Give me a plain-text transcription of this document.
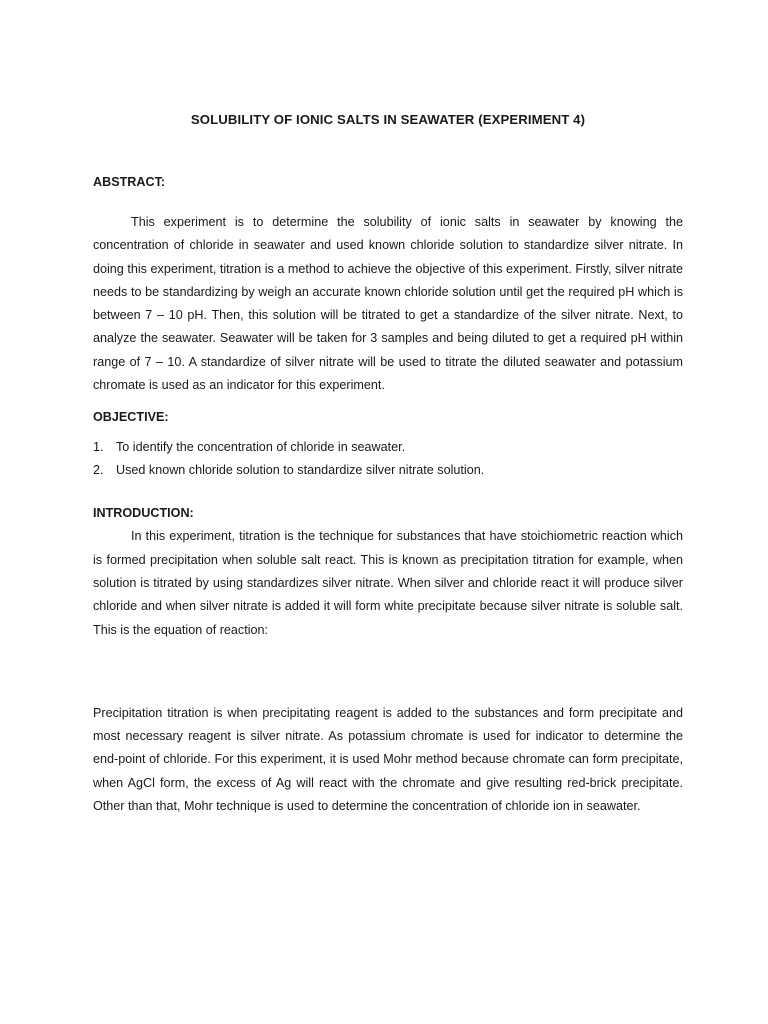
SOLUBILITY OF IONIC SALTS IN SEAWATER (EXPERIMENT 4)
ABSTRACT:

This experiment is to determine the solubility of ionic salts in seawater by knowing the concentration of chloride in seawater and used known chloride solution to standardize silver nitrate. In doing this experiment, titration is a method to achieve the objective of this experiment. Firstly, silver nitrate needs to be standardizing by weigh an accurate known chloride solution until get the required pH which is between 7 – 10 pH. Then, this solution will be titrated to get a standardize of the silver nitrate. Next, to analyze the seawater. Seawater will be taken for 3 samples and being diluted to get a required pH within range of 7 – 10. A standardize of silver nitrate will be used to titrate the diluted seawater and potassium chromate is used as an indicator for this experiment.

OBJECTIVE:
1. To identify the concentration of chloride in seawater.
2. Used known chloride solution to standardize silver nitrate solution.
INTRODUCTION:

In this experiment, titration is the technique for substances that have stoichiometric reaction which is formed precipitation when soluble salt react. This is known as precipitation titration for example, when solution is titrated by using standardizes silver nitrate. When silver and chloride react it will produce silver chloride and when silver nitrate is added it will form white precipitate because silver nitrate is soluble salt. This is the equation of reaction:

Precipitation titration is when precipitating reagent is added to the substances and form precipitate and most necessary reagent is silver nitrate. As potassium chromate is used for indicator to determine the end-point of chloride. For this experiment, it is used Mohr method because chromate can form precipitate, when AgCl form, the excess of Ag will react with the chromate and give resulting red-brick precipitate. Other than that, Mohr technique is used to determine the concentration of chloride ion in seawater.
